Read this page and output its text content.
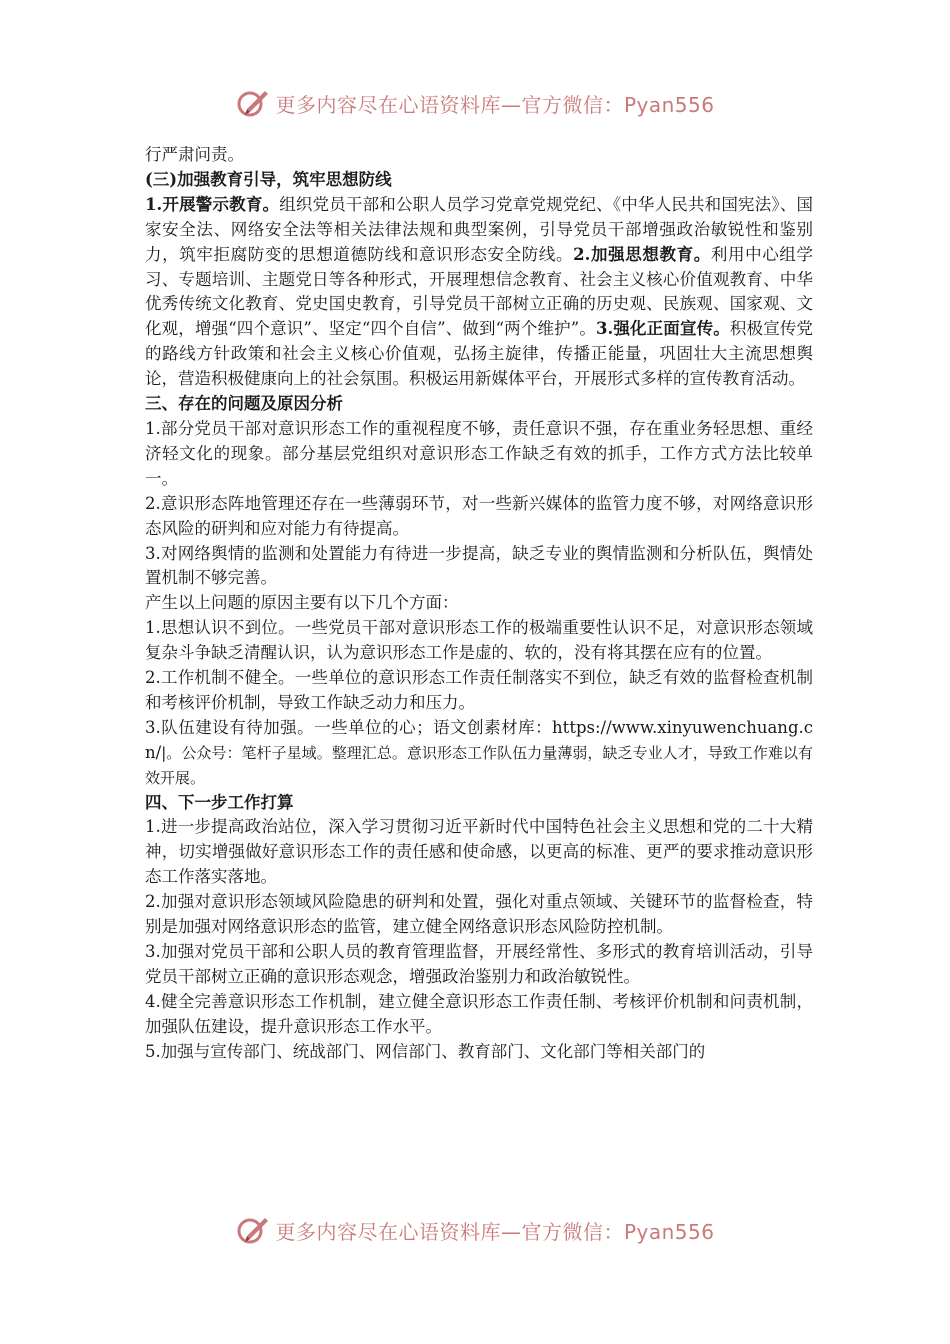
更多内容尽在心语资料库—官方微信：Pyan556

行严肃问责。

(三)加强教育引导，筑牢思想防线

1.开展警示教育。组织党员干部和公职人员学习党章党规党纪、《中华人民共和国宪法》、国家安全法、网络安全法等相关法律法规和典型案例，引导党员干部增强政治敏锐性和鉴别力，筑牢拒腐防变的思想道德防线和意识形态安全防线。2.加强思想教育。利用中心组学习、专题培训、主题党日等各种形式，开展理想信念教育、社会主义核心价值观教育、中华优秀传统文化教育、党史国史教育，引导党员干部树立正确的历史观、民族观、国家观、文化观，增强“四个意识”、坚定“四个自信”、做到“两个维护”。3.强化正面宣传。积极宣传党的路线方针政策和社会主义核心价值观，弘扬主旋律，传播正能量，巩固壮大主流思想舆论，营造积极健康向上的社会氛围。积极运用新媒体平台，开展形式多样的宣传教育活动。

三、存在的问题及原因分析

1.部分党员干部对意识形态工作的重视程度不够，责任意识不强，存在重业务轻思想、重经济轻文化的现象。部分基层党组织对意识形态工作缺乏有效的抓手，工作方式方法比较单一。

2.意识形态阵地管理还存在一些薄弱环节，对一些新兴媒体的监管力度不够，对网络意识形态风险的研判和应对能力有待提高。

3.对网络舆情的监测和处置能力有待进一步提高，缺乏专业的舆情监测和分析队伍，舆情处置机制不够完善。

产生以上问题的原因主要有以下几个方面：

1.思想认识不到位。一些党员干部对意识形态工作的极端重要性认识不足，对意识形态领域复杂斗争缺乏清醒认识，认为意识形态工作是虚的、软的，没有将其摆在应有的位置。

2.工作机制不健全。一些单位的意识形态工作责任制落实不到位，缺乏有效的监督检查机制和考核评价机制，导致工作缺乏动力和压力。

3.队伍建设有待加强。一些单位的心；语文创素材库：https://www.xinyuwenchuang.cn/|。公众号：笔杆子星域。整理汇总。意识形态工作队伍力量薄弱，缺乏专业人才，导致工作难以有效开展。

四、下一步工作打算

1.进一步提高政治站位，深入学习贯彻习近平新时代中国特色社会主义思想和党的二十大精神，切实增强做好意识形态工作的责任感和使命感，以更高的标准、更严的要求推动意识形态工作落实落地。

2.加强对意识形态领域风险隐患的研判和处置，强化对重点领域、关键环节的监督检查，特别是加强对网络意识形态的监管，建立健全网络意识形态风险防控机制。

3.加强对党员干部和公职人员的教育管理监督，开展经常性、多形式的教育培训活动，引导党员干部树立正确的意识形态观念，增强政治鉴别力和政治敏锐性。

4.健全完善意识形态工作机制，建立健全意识形态工作责任制、考核评价机制和问责机制，加强队伍建设，提升意识形态工作水平。

5.加强与宣传部门、统战部门、网信部门、教育部门、文化部门等相关部门的

更多内容尽在心语资料库—官方微信：Pyan556
